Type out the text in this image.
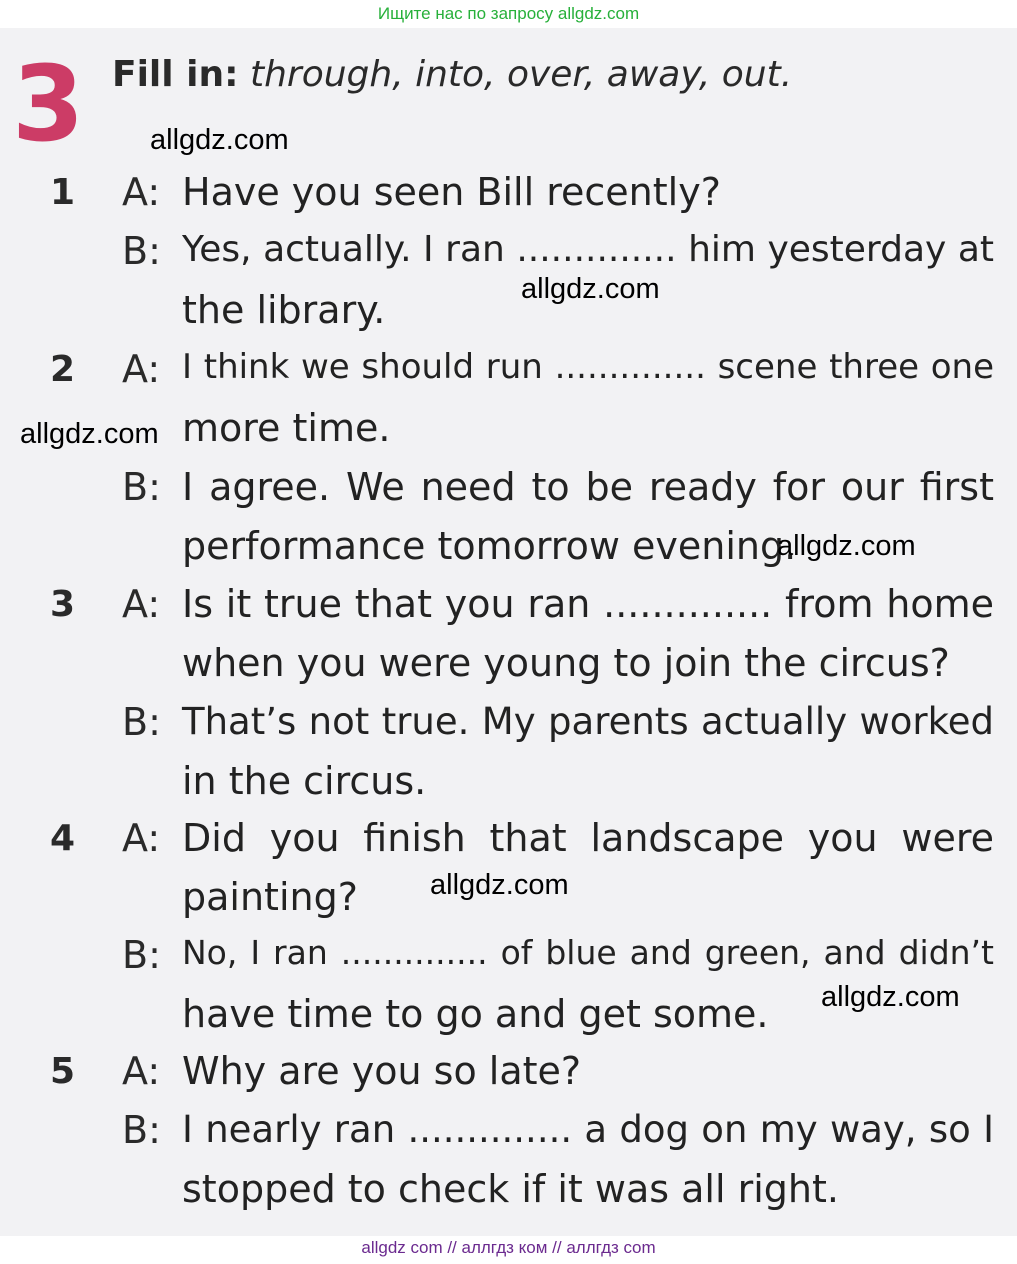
Ищите нас по запросу allgdz.com
3 Fill in: through, into, over, away, out.
1 A: Have you seen Bill recently?
B: Yes, actually. I ran .............. him yesterday at
the library.
2 A: I think we should run .............. scene three one
more time.
B: I agree. We need to be ready for our first
performance tomorrow evening.
3 A: Is it true that you ran .............. from home
when you were young to join the circus?
B: That’s not true. My parents actually worked
in the circus.
4 A: Did you finish that landscape you were
painting?
B: No, I ran .............. of blue and green, and didn’t
have time to go and get some.
5 A: Why are you so late?
B: I nearly ran .............. a dog on my way, so I
stopped to check if it was all right.
allgdz.com
allgdz.com
allgdz.com
allgdz.com
allgdz.com
allgdz.com
allgdz com // аллгдз ком // аллгдз com
